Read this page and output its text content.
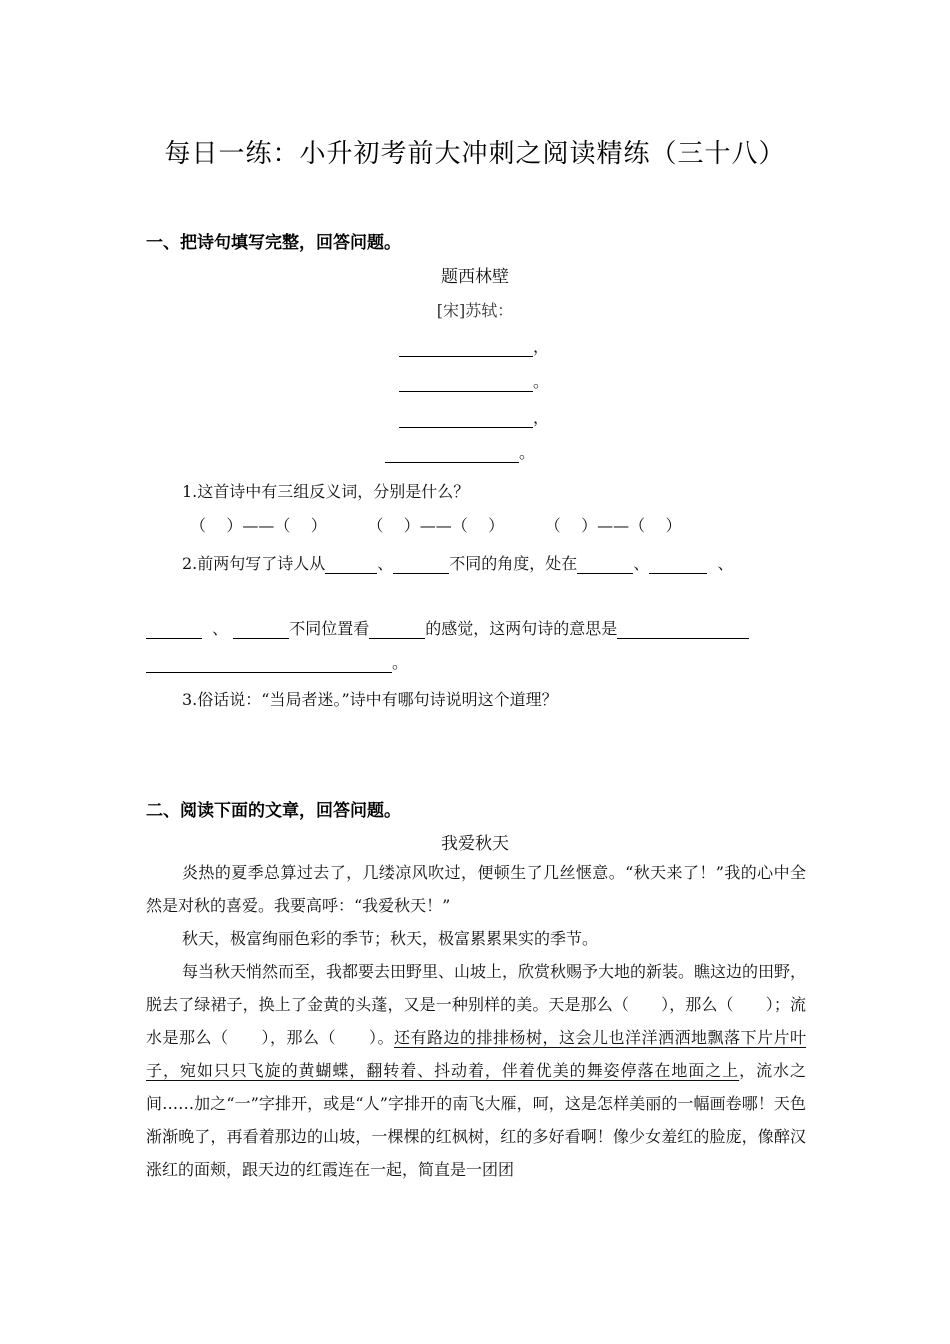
每日一练：小升初考前大冲刺之阅读精练（三十八）
一、把诗句填写完整，回答问题。
题西林壁
[宋]苏轼：
，
。
，
。
1.这首诗中有三组反义词，分别是什么？
（    ）——（    ）        （    ）——（    ）        （    ）——（    ）
2.前两句写了诗人从	、	不同的角度，处在	、	、
、	不同位置看	的感觉，这两句诗的意思是
。
3.俗话说：“当局者迷。”诗中有哪句诗说明这个道理？
二、阅读下面的文章，回答问题。
我爱秋天

炎热的夏季总算过去了，几缕凉风吹过，便顿生了几丝惬意。“秋天来了！”我的心中全然是对秋的喜爱。我要高呼：“我爱秋天！”

秋天，极富绚丽色彩的季节；秋天，极富累累果实的季节。

每当秋天悄然而至，我都要去田野里、山坡上，欣赏秋赐予大地的新装。瞧这边的田野，脱去了绿裙子，换上了金黄的头蓬，又是一种别样的美。天是那么（　　），那么（　　）；流水是那么（　　），那么（　　）。还有路边的排排杨树，这会儿也洋洋洒洒地飘落下片片叶子，宛如只只飞旋的黄蝴蝶，翻转着、抖动着，伴着优美的舞姿停落在地面之上，流水之间……加之“一”字排开，或是“人”字排开的南飞大雁，呵，这是怎样美丽的一幅画卷哪！天色渐渐晚了，再看着那边的山坡，一棵棵的红枫树，红的多好看啊！像少女羞红的脸庞，像醉汉涨红的面颊，跟天边的红霞连在一起，简直是一团团
